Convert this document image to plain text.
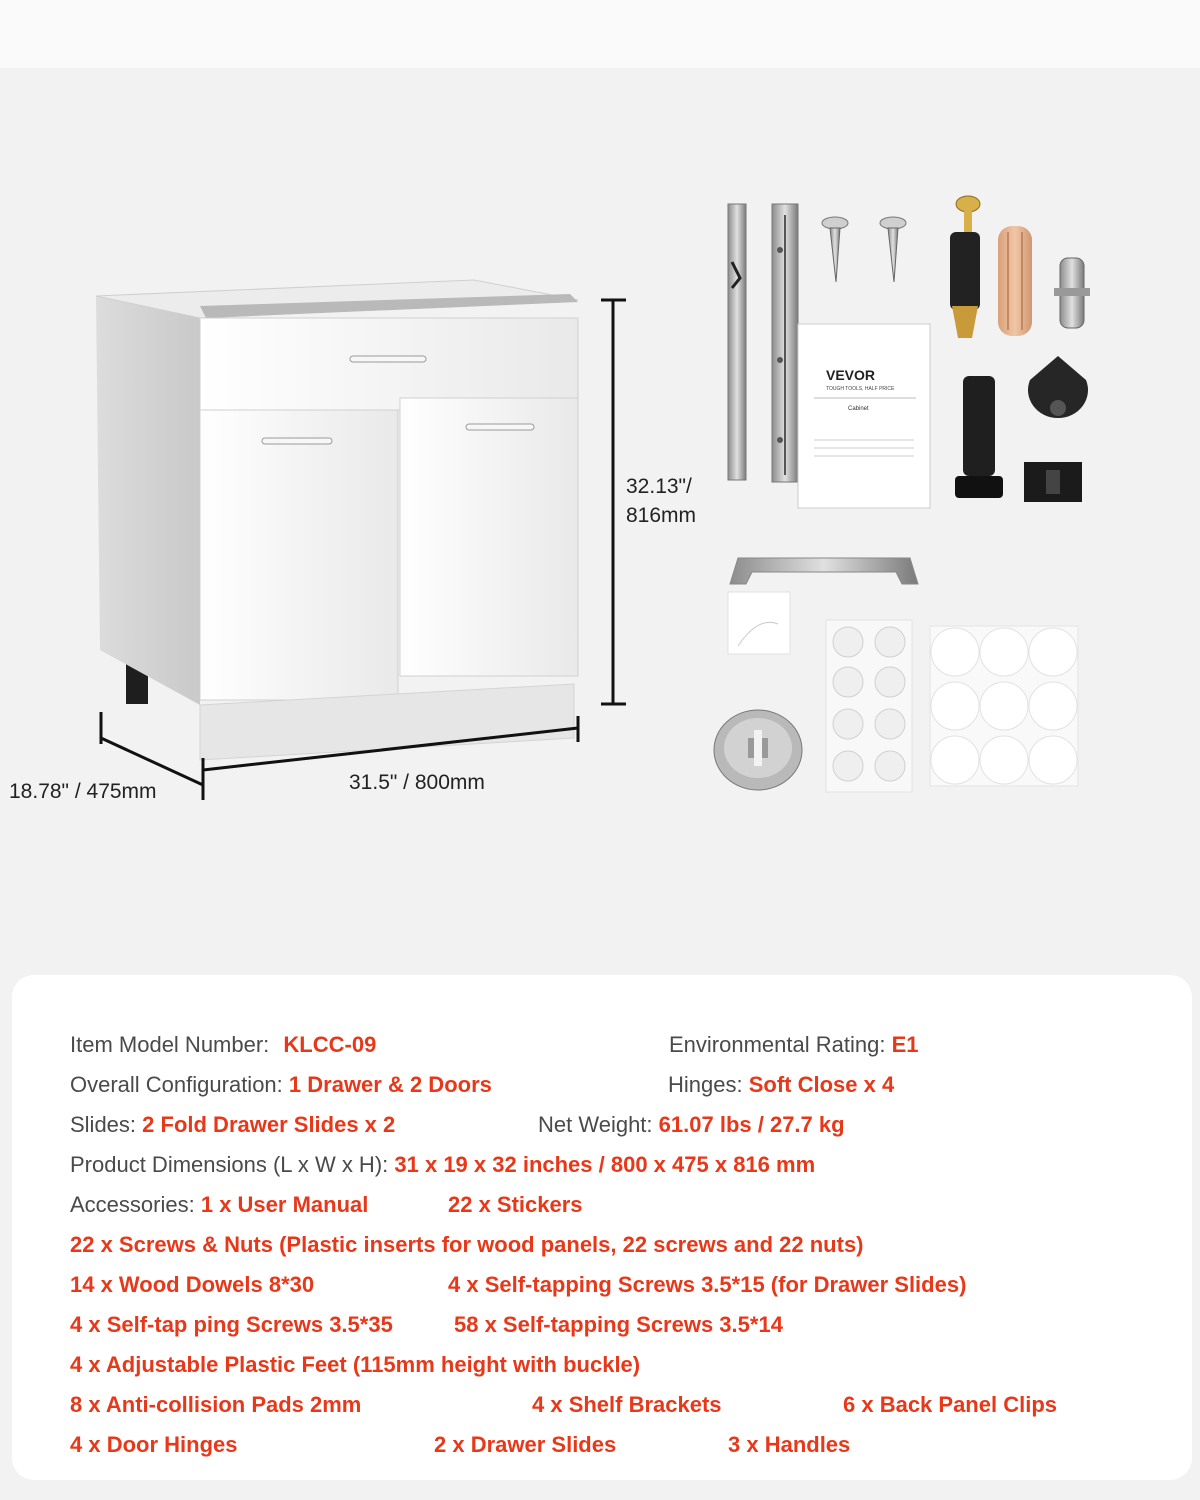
VEVOR
TOUGH TOOLS, HALF PRICE
Cabinet
32.13"/
816mm
31.5" / 800mm
18.78" / 475mm
Item Model Number: KLCC-09	Environmental Rating: E1
Overall Configuration: 1 Drawer & 2 Doors	Hinges: Soft Close x 4
Slides: 2 Fold Drawer Slides x 2	Net Weight: 61.07 lbs / 27.7 kg
Product Dimensions (L x W x H): 31 x 19 x 32 inches / 800 x 475 x 816 mm
Accessories: 1 x User Manual	22 x Stickers
22 x Screws & Nuts (Plastic inserts for wood panels, 22 screws and 22 nuts)
14 x Wood Dowels 8*30	4 x Self-tapping Screws 3.5*15 (for Drawer Slides)
4 x Self-tap ping Screws 3.5*35	58 x Self-tapping Screws 3.5*14
4 x Adjustable Plastic Feet (115mm height with buckle)
8 x Anti-collision Pads 2mm	4 x Shelf Brackets	6 x Back Panel Clips
4 x Door Hinges	2 x Drawer Slides	3 x Handles
